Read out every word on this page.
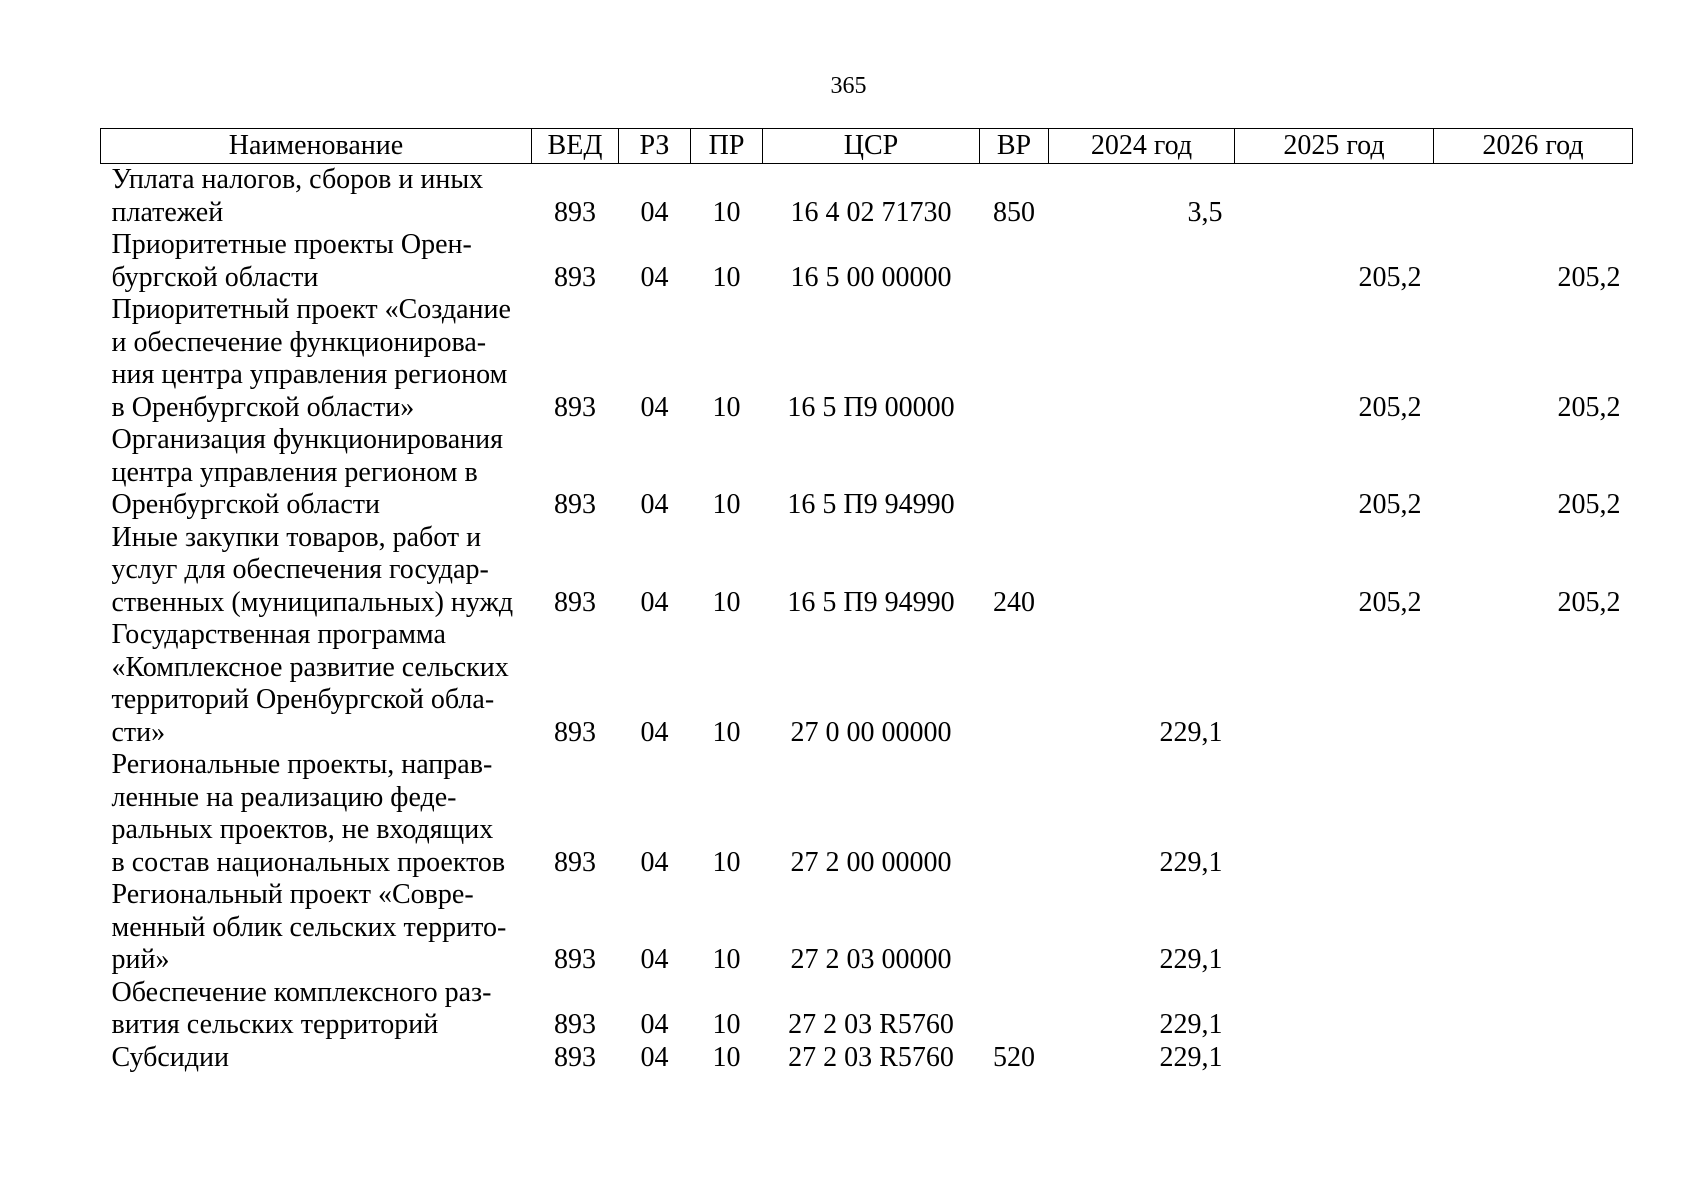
365
Наименование	ВЕД	РЗ	ПР	ЦСР	ВР	2024 год	2025 год	2026 год
Уплата налогов, сборов и иных
платежей	893	04	10	16 4 02 71730	850	3,5		
Приоритетные проекты Орен-
бургской области	893	04	10	16 5 00 00000			205,2	205,2
Приоритетный проект «Создание
и обеспечение функционирова-
ния центра управления регионом
в Оренбургской области»	893	04	10	16 5 П9 00000			205,2	205,2
Организация функционирования
центра управления регионом в
Оренбургской области	893	04	10	16 5 П9 94990			205,2	205,2
Иные закупки товаров, работ и
услуг для обеспечения государ-
ственных (муниципальных) нужд	893	04	10	16 5 П9 94990	240		205,2	205,2
Государственная программа
«Комплексное развитие сельских
территорий Оренбургской обла-
сти»	893	04	10	27 0 00 00000		229,1		
Региональные проекты, направ-
ленные на реализацию феде-
ральных проектов, не входящих
в состав национальных проектов	893	04	10	27 2 00 00000		229,1		
Региональный проект «Совре-
менный облик сельских террито-
рий»	893	04	10	27 2 03 00000		229,1		
Обеспечение комплексного раз-
вития сельских территорий	893	04	10	27 2 03 R5760		229,1		
Субсидии	893	04	10	27 2 03 R5760	520	229,1		
